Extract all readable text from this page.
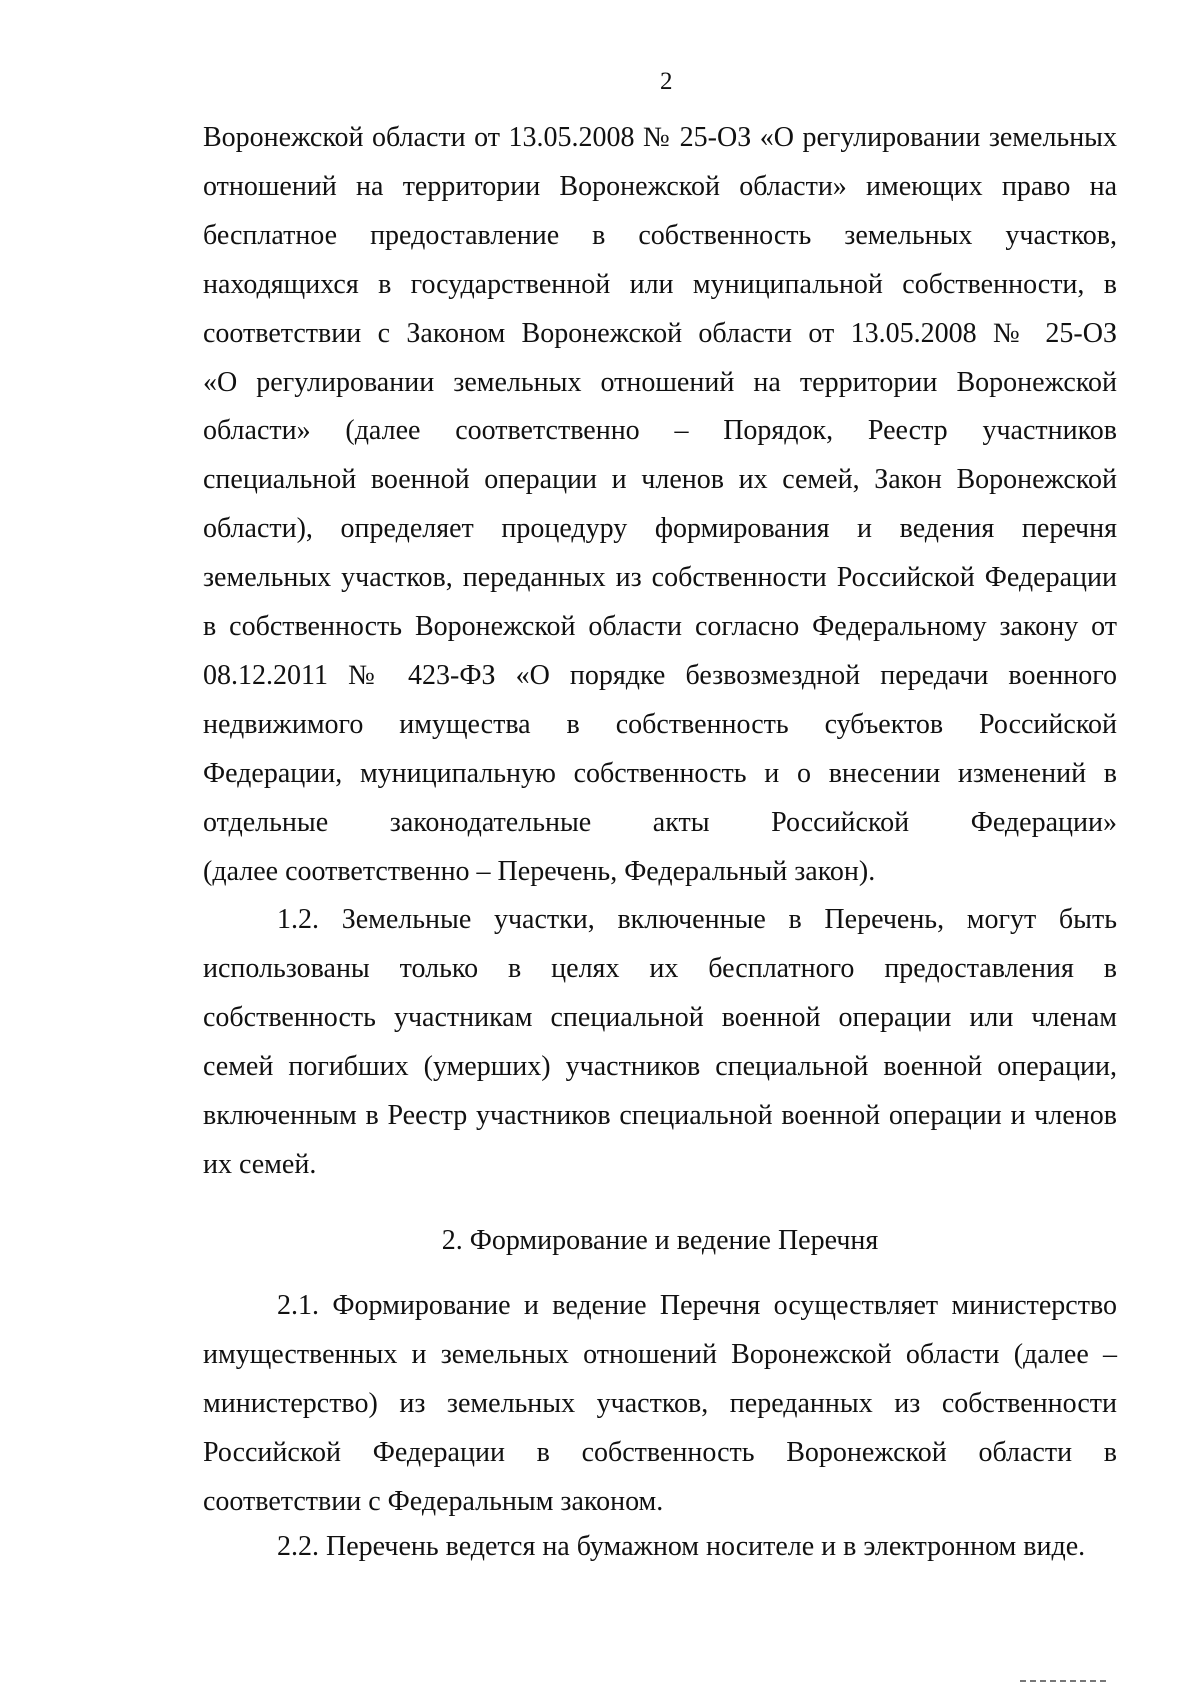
2
Воронежской области от 13.05.2008 № 25-ОЗ «О регулировании земельных
отношений на территории Воронежской области» имеющих право на
бесплатное предоставление в собственность земельных участков,
находящихся в государственной или муниципальной собственности, в
соответствии с Законом Воронежской области от 13.05.2008 № 25-ОЗ
«О регулировании земельных отношений на территории Воронежской
области» (далее соответственно – Порядок, Реестр участников
специальной военной операции и членов их семей, Закон Воронежской
области), определяет процедуру формирования и ведения перечня
земельных участков, переданных из собственности Российской Федерации
в собственность Воронежской области согласно Федеральному закону от
08.12.2011 № 423-ФЗ «О порядке безвозмездной передачи военного
недвижимого имущества в собственность субъектов Российской
Федерации, муниципальную собственность и о внесении изменений в
отдельные законодательные акты Российской Федерации»
(далее соответственно – Перечень, Федеральный закон).
1.2. Земельные участки, включенные в Перечень, могут быть
использованы только в целях их бесплатного предоставления в
собственность участникам специальной военной операции или членам
семей погибших (умерших) участников специальной военной операции,
включенным в Реестр участников специальной военной операции и членов
их семей.
2. Формирование и ведение Перечня
2.1. Формирование и ведение Перечня осуществляет министерство
имущественных и земельных отношений Воронежской области (далее –
министерство) из земельных участков, переданных из собственности
Российской Федерации в собственность Воронежской области в
соответствии с Федеральным законом.
2.2. Перечень ведется на бумажном носителе и в электронном виде.
